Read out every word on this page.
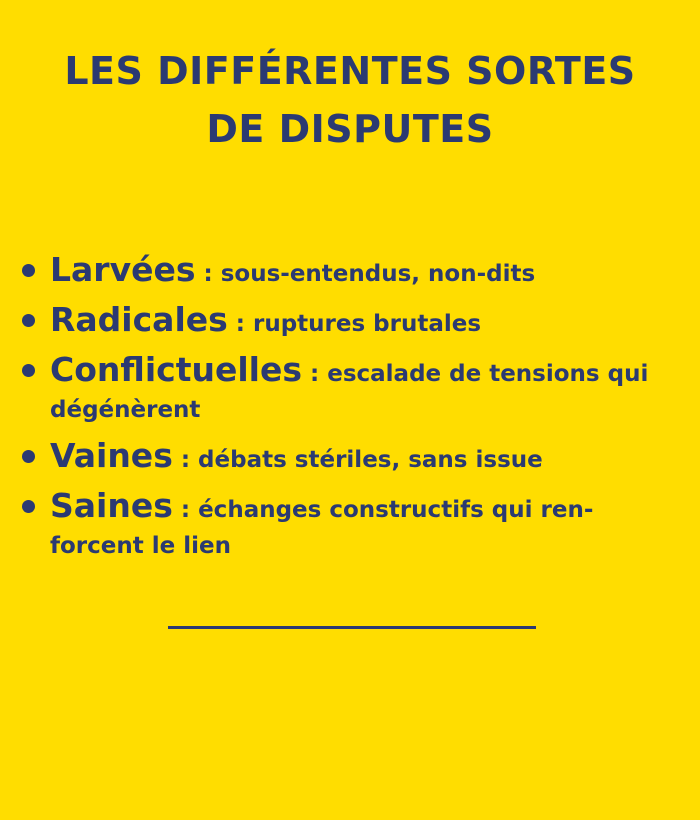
LES DIFFÉRENTES SORTES
DE DISPUTES
Larvées : sous-entendus, non-dits
Radicales : ruptures brutales
Conflictuelles : escalade de tensions qui dégénèrent
Vaines : débats stériles, sans issue
Saines : échanges constructifs qui ren-forcent le lien
